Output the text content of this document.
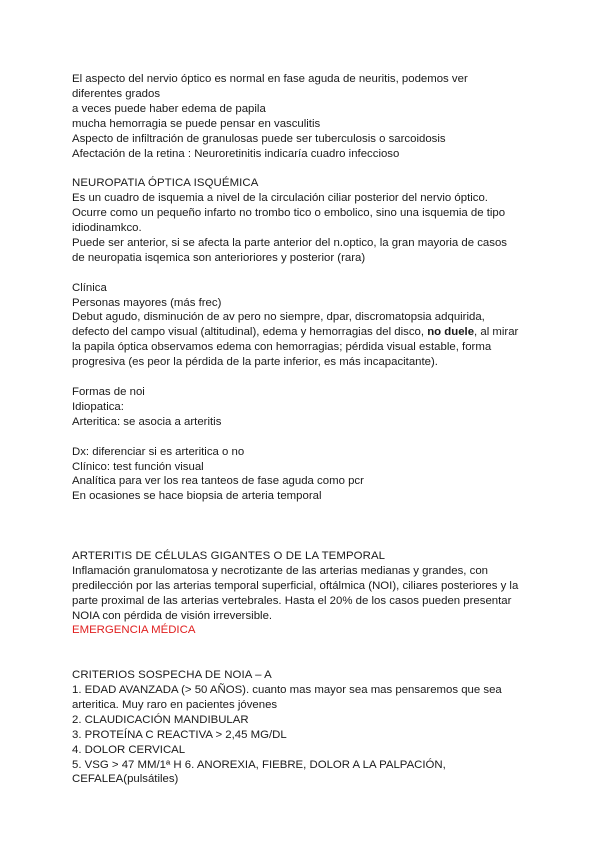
El aspecto del nervio óptico es normal en fase aguda de neuritis, podemos ver diferentes grados
a veces puede haber edema de papila
mucha hemorragia se puede pensar en vasculitis
Aspecto de infiltración de granulosas puede ser tuberculosis o sarcoidosis
Afectación de la retina : Neuroretinitis indicaría cuadro infeccioso
NEUROPATIA ÓPTICA ISQUÉMICA
Es un cuadro de isquemia a nivel de la circulación ciliar posterior del nervio óptico. Ocurre como un pequeño infarto no trombo tico o embolico, sino una isquemia de tipo idiodinamkco.
Puede ser anterior, si se afecta la parte anterior del n.optico, la gran mayoria de casos de neuropatia isqemica son anterioriores y posterior (rara)
Clínica
Personas mayores (más frec)
Debut agudo, disminución de av pero no siempre, dpar, discromatopsia adquirida, defecto del campo visual (altitudinal), edema y hemorragias del disco, no duele, al mirar la papila óptica observamos edema con hemorragias; pérdida visual estable, forma progresiva (es peor la pérdida de la parte inferior, es más incapacitante).
Formas de noi
Idiopatica:
Arteritica: se asocia a arteritis
Dx: diferenciar si es arteritica o no
Clínico: test función visual
Analítica para ver los rea tanteos de fase aguda como pcr
En ocasiones se hace biopsia de arteria temporal
ARTERITIS DE CÉLULAS GIGANTES O DE LA TEMPORAL
Inflamación granulomatosa y necrotizante de las arterias medianas y grandes, con predilección por las arterias temporal superficial, oftálmica (NOI), ciliares posteriores y la parte proximal de las arterias vertebrales. Hasta el 20% de los casos pueden presentar NOIA con pérdida de visión irreversible.
EMERGENCIA MÉDICA
CRITERIOS SOSPECHA DE NOIA – A
1. EDAD AVANZADA (> 50 AÑOS). cuanto mas mayor sea mas pensaremos que sea arteritica. Muy raro en pacientes jóvenes
2. CLAUDICACIÓN MANDIBULAR
3. PROTEÍNA C REACTIVA > 2,45 MG/DL
4. DOLOR CERVICAL
5. VSG > 47 MM/1ª H 6. ANOREXIA, FIEBRE, DOLOR A LA PALPACIÓN, CEFALEA(pulsátiles)
